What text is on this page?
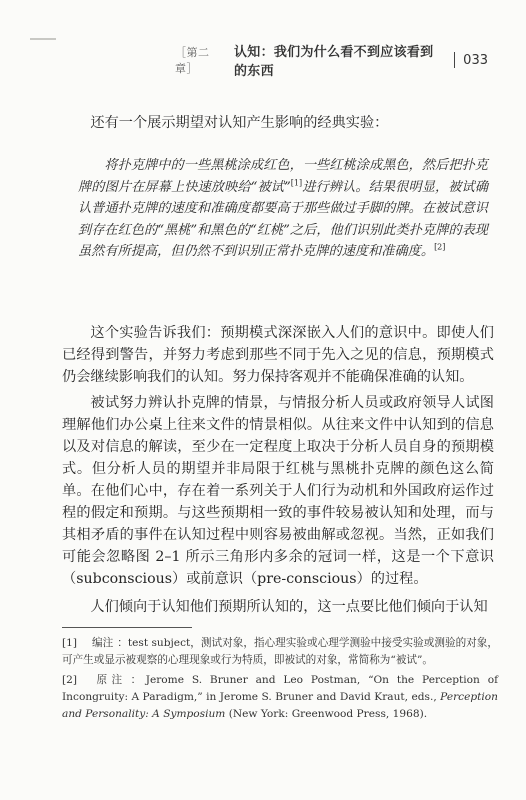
［第二章］
认知：我们为什么看不到应该看到的东西
033

还有一个展示期望对认知产生影响的经典实验：

将扑克牌中的一些黑桃涂成红色，一些红桃涂成黑色，然后把扑克牌的图片在屏幕上快速放映给“被试”[1]进行辨认。结果很明显，被试确认普通扑克牌的速度和准确度都要高于那些做过手脚的牌。在被试意识到存在红色的“黑桃”和黑色的“红桃”之后，他们识别此类扑克牌的表现虽然有所提高，但仍然不到识别正常扑克牌的速度和准确度。[2]

这个实验告诉我们：预期模式深深嵌入人们的意识中。即使人们已经得到警告，并努力考虑到那些不同于先入之见的信息，预期模式仍会继续影响我们的认知。努力保持客观并不能确保准确的认知。

被试努力辨认扑克牌的情景，与情报分析人员或政府领导人试图理解他们办公桌上往来文件的情景相似。从往来文件中认知到的信息以及对信息的解读，至少在一定程度上取决于分析人员自身的预期模式。但分析人员的期望并非局限于红桃与黑桃扑克牌的颜色这么简单。在他们心中，存在着一系列关于人们行为动机和外国政府运作过程的假定和预期。与这些预期相一致的事件较易被认知和处理，而与其相矛盾的事件在认知过程中则容易被曲解或忽视。当然，正如我们可能会忽略图 2–1 所示三角形内多余的冠词一样，这是一个下意识（subconscious）或前意识（pre-conscious）的过程。

人们倾向于认知他们预期所认知的，这一点要比他们倾向于认知

[1] 编注 ：test subject，测试对象，指心理实验或心理学测验中接受实验或测验的对象，可产生或显示被观察的心理现象或行为特质，即被试的对象，常简称为“被试”。

[2] 原注 ：Jerome S. Bruner and Leo Postman, “On the Perception of Incongruity: A Paradigm,” in Jerome S. Bruner and David Kraut, eds., Perception and Personality: A Symposium (New York: Greenwood Press, 1968).
